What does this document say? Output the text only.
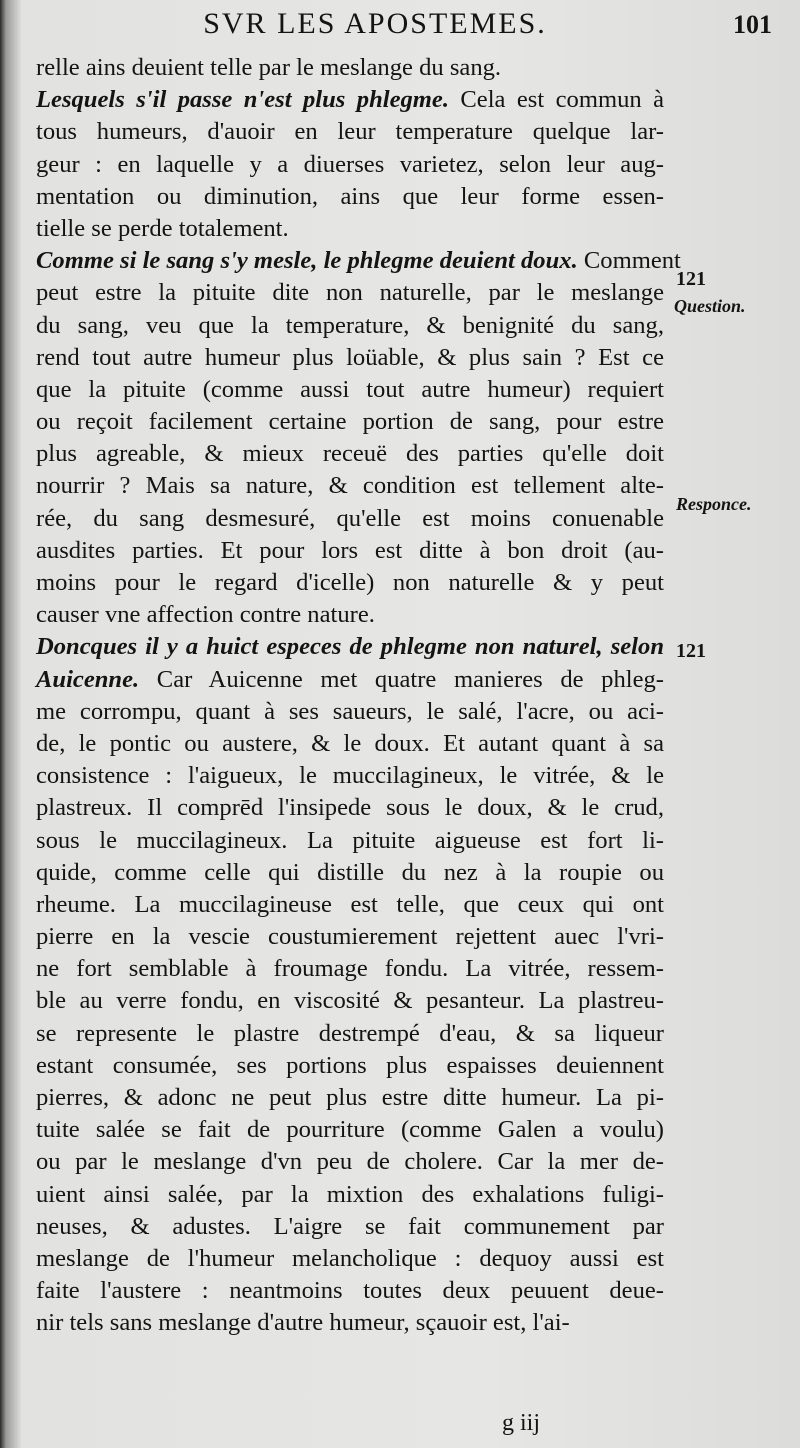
SVR LES APOSTEMES.	101
relle ains deuient telle par le meslange du sang.
Lesquels s'il passe n'est plus phlegme. Cela est commun à
tous humeurs, d'auoir en leur temperature quelque lar-
geur : en laquelle y a diuerses varietez, selon leur aug-
mentation ou diminution, ains que leur forme essen-
tielle se perde totalement.
Comme si le sang s'y mesle, le phlegme deuient doux. Comment
peut estre la pituite dite non naturelle, par le meslange
du sang, veu que la temperature, & benignité du sang,
rend tout autre humeur plus loüable, & plus sain ? Est ce
que la pituite (comme aussi tout autre humeur) requiert
ou reçoit facilement certaine portion de sang, pour estre
plus agreable, & mieux receuë des parties qu'elle doit
nourrir ? Mais sa nature, & condition est tellement alte-
rée, du sang desmesuré, qu'elle est moins conuenable
ausdites parties. Et pour lors est ditte à bon droit (au-
moins pour le regard d'icelle) non naturelle & y peut
causer vne affection contre nature.
Doncques il y a huict especes de phlegme non naturel, selon
Auicenne. Car Auicenne met quatre manieres de phleg-
me corrompu, quant à ses saueurs, le salé, l'acre, ou aci-
de, le pontic ou austere, & le doux. Et autant quant à sa
consistence : l'aigueux, le muccilagineux, le vitrée, & le
plastreux. Il comprēd l'insipede sous le doux, & le crud,
sous le muccilagineux. La pituite aigueuse est fort li-
quide, comme celle qui distille du nez à la roupie ou
rheume. La muccilagineuse est telle, que ceux qui ont
pierre en la vescie coustumierement rejettent auec l'vri-
ne fort semblable à froumage fondu. La vitrée, ressem-
ble au verre fondu, en viscosité & pesanteur. La plastreu-
se represente le plastre destrempé d'eau, & sa liqueur
estant consumée, ses portions plus espaisses deuiennent
pierres, & adonc ne peut plus estre ditte humeur. La pi-
tuite salée se fait de pourriture (comme Galen a voulu)
ou par le meslange d'vn peu de cholere. Car la mer de-
uient ainsi salée, par la mixtion des exhalations fuligi-
neuses, & adustes. L'aigre se fait communement par
meslange de l'humeur melancholique : dequoy aussi est
faite l'austere : neantmoins toutes deux peuuent deue-
nir tels sans meslange d'autre humeur, sçauoir est, l'ai-
121
Question.
Responce.
121
g iij
